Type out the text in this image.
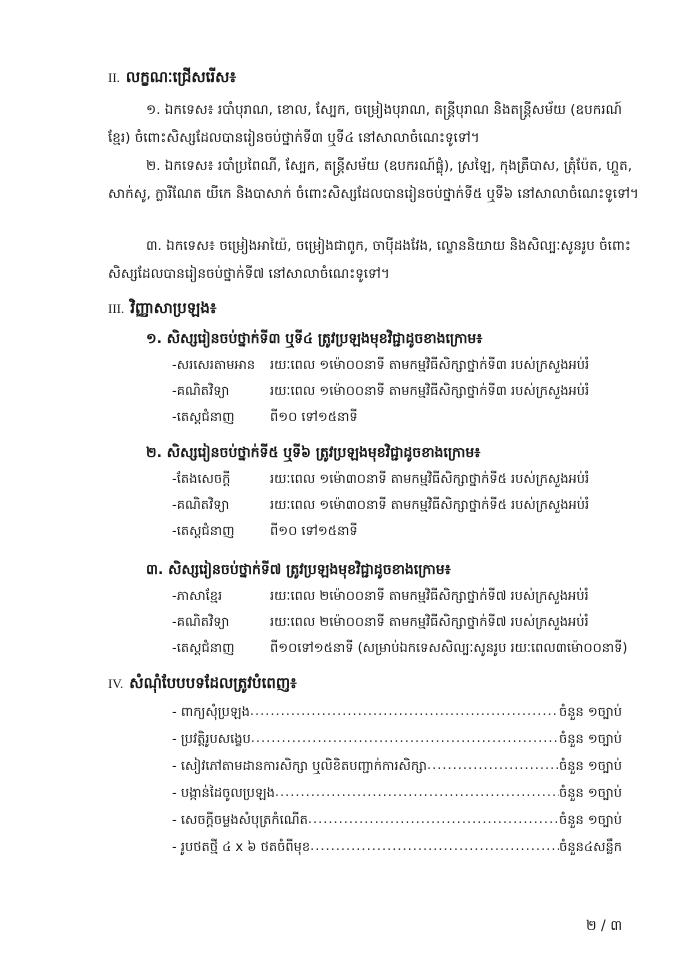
II. លក្ខណៈជ្រើសរើស៖
១. ឯកទេស៖ របាំបុរាណ, ខោល, ស្បែក, ចម្រៀងបុរាណ, តន្ត្រីបុរាណ និងតន្ត្រីសម័យ (ឧបករណ៍ខ្មែរ) ចំពោះសិស្សដែលបានរៀនចប់ថ្នាក់ទី៣ ឬទី៤ នៅសាលាចំណេះទូទៅ។
២. ឯកទេស៖ របាំប្រពៃណី, ស្បែក, តន្ត្រីសម័យ (ឧបករណ៍ផ្លុំ), ស្រឡៃ, កុងត្រឹបាស, ត្រុំប៉ែត, ហ្គួត, សាក់សូ, ក្លារីណែត យីកេ និងបាសាក់ ចំពោះសិស្សដែលបានរៀនចប់ថ្នាក់ទី៥ ឬទី៦ នៅសាលាចំណេះទូទៅ។
៣. ឯកទេស៖ ចម្រៀងអាយ៉ៃ, ចម្រៀងជាពូក, ចាប៉ីដងវែង, ល្ខោននិយាយ និងសិល្បៈសូនរូប ចំពោះសិស្សដែលបានរៀនចប់ថ្នាក់ទី៧ នៅសាលាចំណេះទូទៅ។
III. វិញ្ញាសាប្រឡង៖
១. សិស្សរៀនចប់ថ្នាក់ទី៣ ឬទី៤ ត្រូវប្រឡងមុខវិជ្ជាដូចខាងក្រោម៖
-សរសេរតាមអាន	រយៈពេល ១ម៉ោ០០នាទី តាមកម្មវិធីសិក្សាថ្នាក់ទី៣ របស់ក្រសួងអប់រំ
-គណិតវិទ្យា	រយៈពេល ១ម៉ោ០០នាទី តាមកម្មវិធីសិក្សាថ្នាក់ទី៣ របស់ក្រសួងអប់រំ
-តេស្តជំនាញ	ពី១០ ទៅ១៥នាទី
២. សិស្សរៀនចប់ថ្នាក់ទី៥ ឬទី៦ ត្រូវប្រឡងមុខវិជ្ជាដូចខាងក្រោម៖
-តែងសេចក្តី	រយៈពេល ១ម៉ោ៣០នាទី តាមកម្មវិធីសិក្សាថ្នាក់ទី៥ របស់ក្រសួងអប់រំ
-គណិតវិទ្យា	រយៈពេល ១ម៉ោ៣០នាទី តាមកម្មវិធីសិក្សាថ្នាក់ទី៥ របស់ក្រសួងអប់រំ
-តេស្តជំនាញ	ពី១០ ទៅ១៥នាទី
៣. សិស្សរៀនចប់ថ្នាក់ទី៧ ត្រូវប្រឡងមុខវិជ្ជាដូចខាងក្រោម៖
-ភាសាខ្មែរ	រយៈពេល ២ម៉ោ០០នាទី តាមកម្មវិធីសិក្សាថ្នាក់ទី៧ របស់ក្រសួងអប់រំ
-គណិតវិទ្យា	រយៈពេល ២ម៉ោ០០នាទី តាមកម្មវិធីសិក្សាថ្នាក់ទី៧ របស់ក្រសួងអប់រំ
-តេស្តជំនាញ	ពី១០ទៅ១៥នាទី (សម្រាប់ឯកទេសសិល្បៈសូនរូប រយៈពេល៣ម៉ោ០០នាទី)
IV. សំណុំបែបបទដែលត្រូវបំពេញ៖
- ពាក្យសុំប្រឡង .....	ចំនួន ១ច្បាប់
- ប្រវត្តិរូបសង្ខេប .....	ចំនួន ១ច្បាប់
- សៀវភៅតាមដានការសិក្សា ឬលិខិតបញ្ជាក់ការសិក្សា .....	ចំនួន ១ច្បាប់
- បង្កាន់ដៃចូលប្រឡង .....	ចំនួន ១ច្បាប់
- សេចក្តីចម្លងសំបុត្រកំណើត .....	ចំនួន ១ច្បាប់
- រូបថតថ្មី ៤ x ៦ ថតចំពីមុខ .....	ចំនួន៤សន្លឹក
២ / ៣
